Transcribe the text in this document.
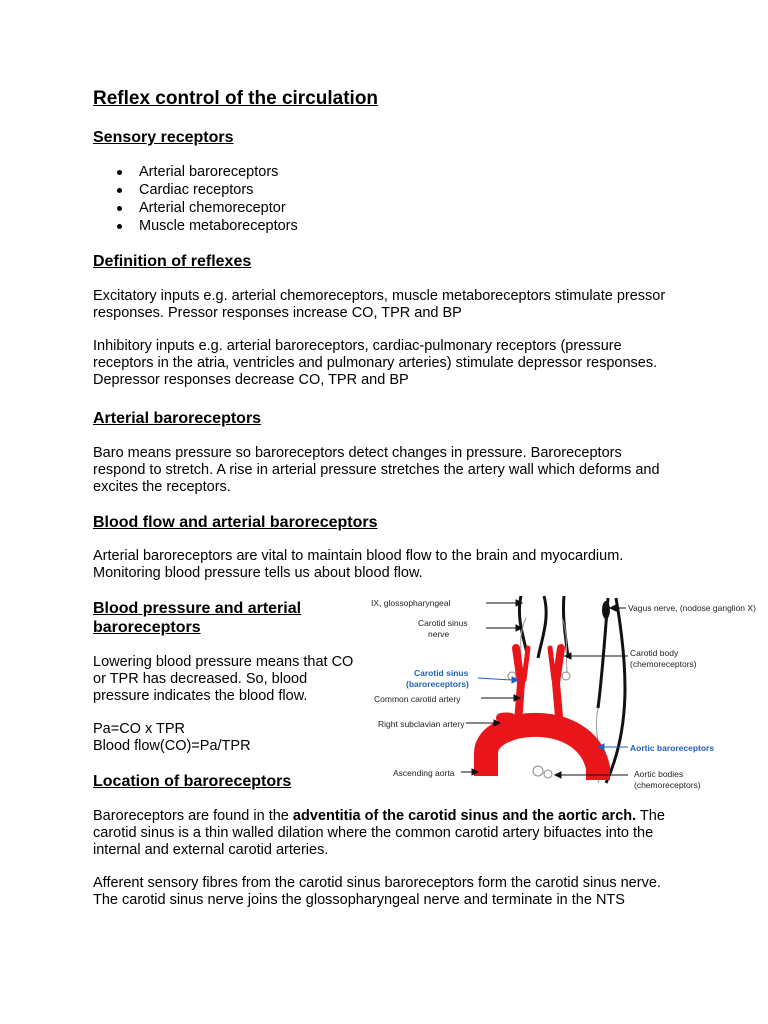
Reflex control of the circulation
Sensory receptors
Arterial baroreceptors
Cardiac receptors
Arterial chemoreceptor
Muscle metaboreceptors
Definition of reflexes

Excitatory inputs e.g. arterial chemoreceptors, muscle metaboreceptors stimulate pressor responses. Pressor responses increase CO, TPR and BP

Inhibitory inputs e.g. arterial baroreceptors, cardiac-pulmonary receptors (pressure receptors in the atria, ventricles and pulmonary arteries) stimulate depressor responses. Depressor responses decrease CO, TPR and BP

Arterial baroreceptors

Baro means pressure so baroreceptors detect changes in pressure. Baroreceptors respond to stretch. A rise in arterial pressure stretches the artery wall which deforms and excites the receptors.

Blood flow and arterial baroreceptors

Arterial baroreceptors are vital to maintain blood flow to the brain and myocardium. Monitoring blood pressure tells us about blood flow.

Blood pressure and arterial
baroreceptors

Lowering blood pressure means that CO or TPR has decreased. So, blood pressure indicates the blood flow.

Pa=CO x TPR

Blood flow(CO)=Pa/TPR

Location of baroreceptors

Baroreceptors are found in the adventitia of the carotid sinus and the aortic arch. The carotid sinus is a thin walled dilation where the common carotid artery bifuactes into the internal and external carotid arteries.

Afferent sensory fibres from the carotid sinus baroreceptors form the carotid sinus nerve. The carotid sinus nerve joins the glossopharyngeal nerve and terminate in the NTS

IX, glossopharyngeal
Carotid sinus
nerve
Carotid sinus
(baroreceptors)
Common carotid artery
Right subclavian artery
Ascending aorta
Vagus nerve, (nodose ganglion X)
Carotid body
(chemoreceptors)
Aortic baroreceptors
Aortic bodies
(chemoreceptors)
